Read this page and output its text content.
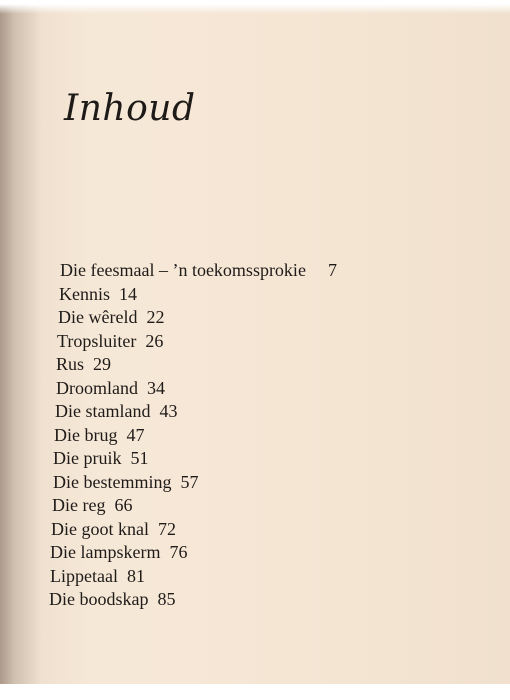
Inhoud
Die feesmaal – ’n toekomssprokie 7
Kennis 14
Die wêreld 22
Tropsluiter 26
Rus 29
Droomland 34
Die stamland 43
Die brug 47
Die pruik 51
Die bestemming 57
Die reg 66
Die goot knal 72
Die lampskerm 76
Lippetaal 81
Die boodskap 85
